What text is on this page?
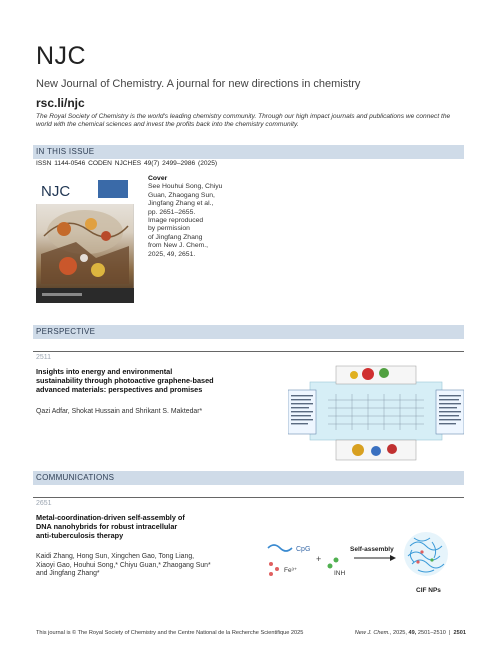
NJC
New Journal of Chemistry. A journal for new directions in chemistry
rsc.li/njc
The Royal Society of Chemistry is the world's leading chemistry community. Through our high impact journals and publications we connect the world with the chemical sciences and invest the profits back into the chemistry community.
IN THIS ISSUE
ISSN 1144-0546 CODEN NJCHES 49(7) 2499–2986 (2025)
NJC
Cover
See Houhui Song, Chiyu
Guan, Zhaogang Sun,
Jingfang Zhang et al.,
pp. 2651–2655.
Image reproduced
by permission
of Jingfang Zhang
from New J. Chem.,
2025, 49, 2651.
PERSPECTIVE
2511
Insights into energy and environmental
sustainability through photoactive graphene-based
advanced materials: perspectives and promises
Qazi Adfar, Shokat Hussain and Shrikant S. Maktedar*
COMMUNICATIONS
2651
Metal-coordination-driven self-assembly of
DNA nanohybrids for robust intracellular
anti-tuberculosis therapy
Kaidi Zhang, Hong Sun, Xingchen Gao, Tong Liang,
Xiaoyi Gao, Houhui Song,* Chiyu Guan,* Zhaogang Sun*
and Jingfang Zhang*
CpG
Fe³⁺
+
INH
Self-assembly
CIF NPs
This journal is © The Royal Society of Chemistry and the Centre National de la Recherche Scientifique 2025	New J. Chem., 2025, 49, 2501–2510  |  2501
